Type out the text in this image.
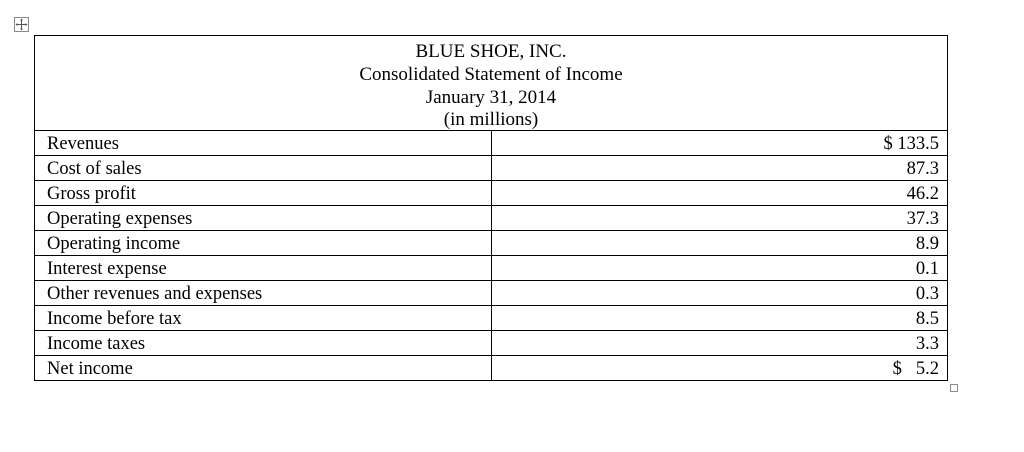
BLUE SHOE, INC.
Consolidated Statement of Income
January 31, 2014
(in millions)	

Revenues	$ 133.5
Cost of sales	87.3
Gross profit	46.2
Operating expenses	37.3
Operating income	8.9
Interest expense	0.1
Other revenues and expenses	0.3
Income before tax	8.5
Income taxes	3.3
Net income	$ 5.2
